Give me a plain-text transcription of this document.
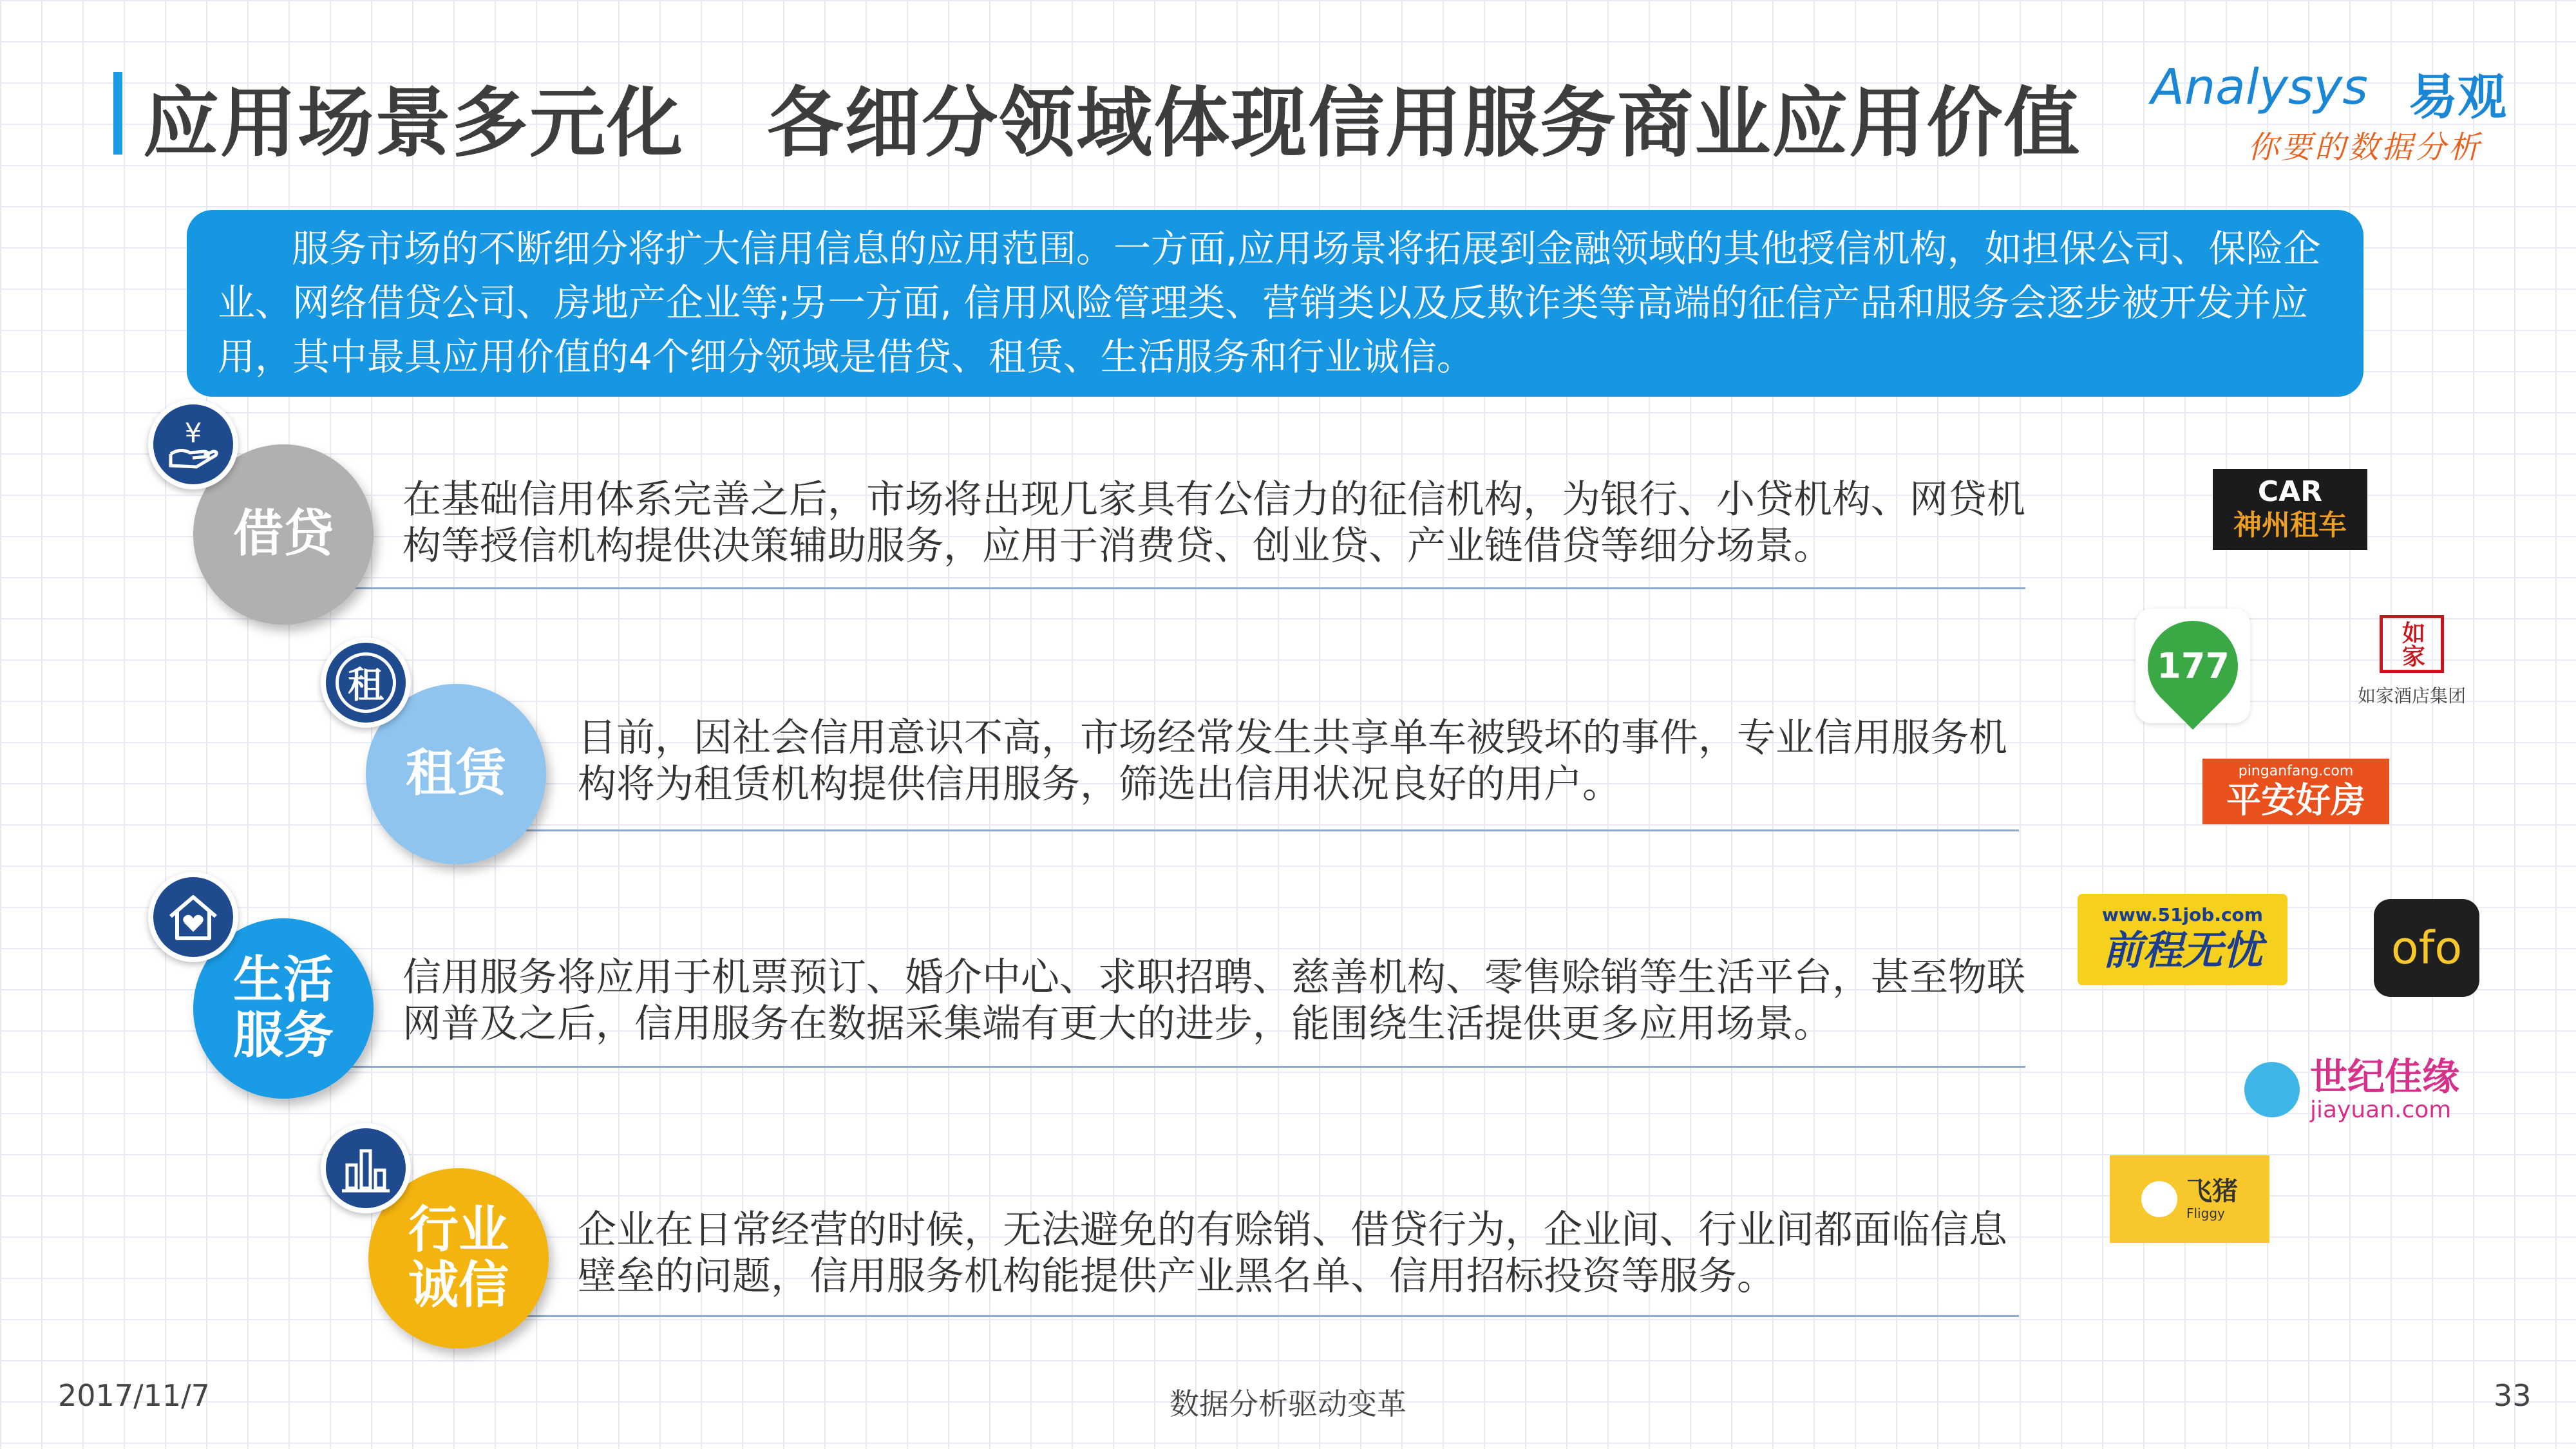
应用场景多元化   各细分领域体现信用服务商业应用价值 Analysys 易观
你要的数据分析

服务市场的不断细分将扩大信用信息的应用范围。一方面,应用场景将拓展到金融领域的其他授信机构，如担保公司、保险企业、网络借贷公司、房地产企业等;另一方面, 信用风险管理类、营销类以及反欺诈类等高端的征信产品和服务会逐步被开发并应用，其中最具应用价值的4个细分领域是借贷、租赁、生活服务和行业诚信。

借贷
¥

在基础信用体系完善之后，市场将出现几家具有公信力的征信机构，为银行、小贷机构、网贷机构等授信机构提供决策辅助服务，应用于消费贷、创业贷、产业链借贷等细分场景。

租赁
租

目前，因社会信用意识不高，市场经常发生共享单车被毁坏的事件，专业信用服务机构将为租赁机构提供信用服务，筛选出信用状况良好的用户。

生活
服务

信用服务将应用于机票预订、婚介中心、求职招聘、慈善机构、零售赊销等生活平台，甚至物联网普及之后，信用服务在数据采集端有更大的进步，能围绕生活提供更多应用场景。

行业
诚信

企业在日常经营的时候，无法避免的有赊销、借贷行为，企业间、行业间都面临信息壁垒的问题，信用服务机构能提供产业黑名单、信用招标投资等服务。

CAR
神州租车
177	如家
如家酒店集团
pinganfang.com
平安好房
www.51job.com
前程无忧	ofo
世纪佳缘
jiayuan.com
飞猪
Fliggy
2017/11/7	数据分析驱动变革	33
